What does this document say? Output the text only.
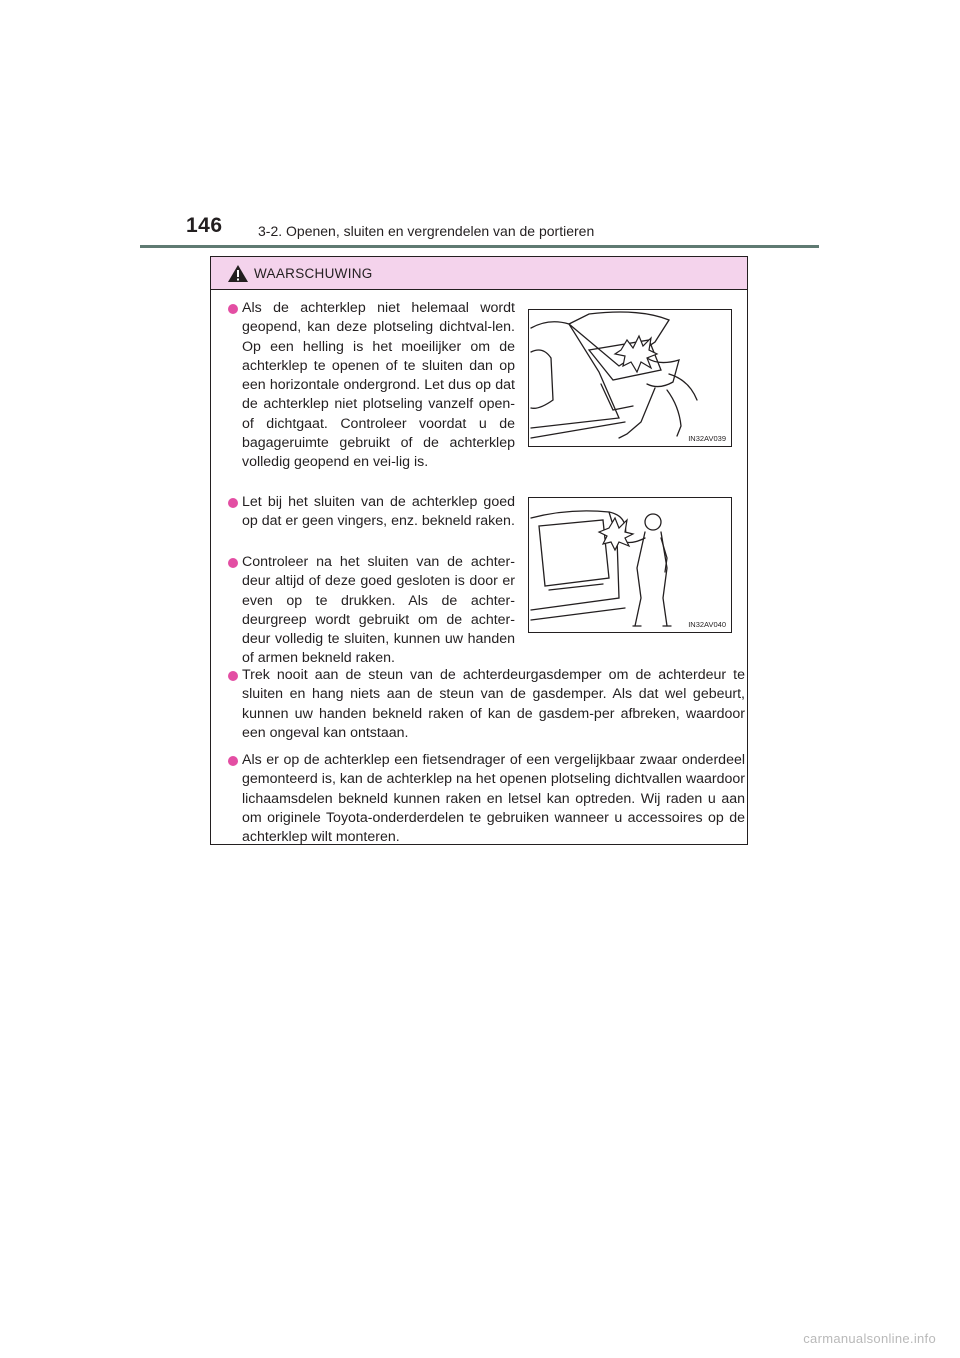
146	3-2. Openen, sluiten en vergrendelen van de portieren
WAARSCHUWING
Als de achterklep niet helemaal wordt geopend, kan deze plotseling dichtval-len. Op een helling is het moeilijker om de achterklep te openen of te sluiten dan op een horizontale ondergrond. Let dus op dat de achterklep niet plotseling vanzelf open- of dichtgaat. Controleer voordat u de bagageruimte gebruikt of de achterklep volledig geopend en vei-lig is.
IN32AV039
Let bij het sluiten van de achterklep goed op dat er geen vingers, enz. bekneld raken.
IN32AV040
Controleer na het sluiten van de achter-deur altijd of deze goed gesloten is door er even op te drukken. Als de achter-deurgreep wordt gebruikt om de achter-deur volledig te sluiten, kunnen uw handen of armen bekneld raken.
Trek nooit aan de steun van de achterdeurgasdemper om de achterdeur te sluiten en hang niets aan de steun van de gasdemper. Als dat wel gebeurt, kunnen uw handen bekneld raken of kan de gasdem-per afbreken, waardoor een ongeval kan ontstaan.
Als er op de achterklep een fietsendrager of een vergelijkbaar zwaar onderdeel gemonteerd is, kan de achterklep na het openen plotseling dichtvallen waardoor lichaamsdelen bekneld kunnen raken en letsel kan optreden. Wij raden u aan om originele Toyota-onderderdelen te gebruiken wanneer u accessoires op de achterklep wilt monteren.
carmanualsonline.info
